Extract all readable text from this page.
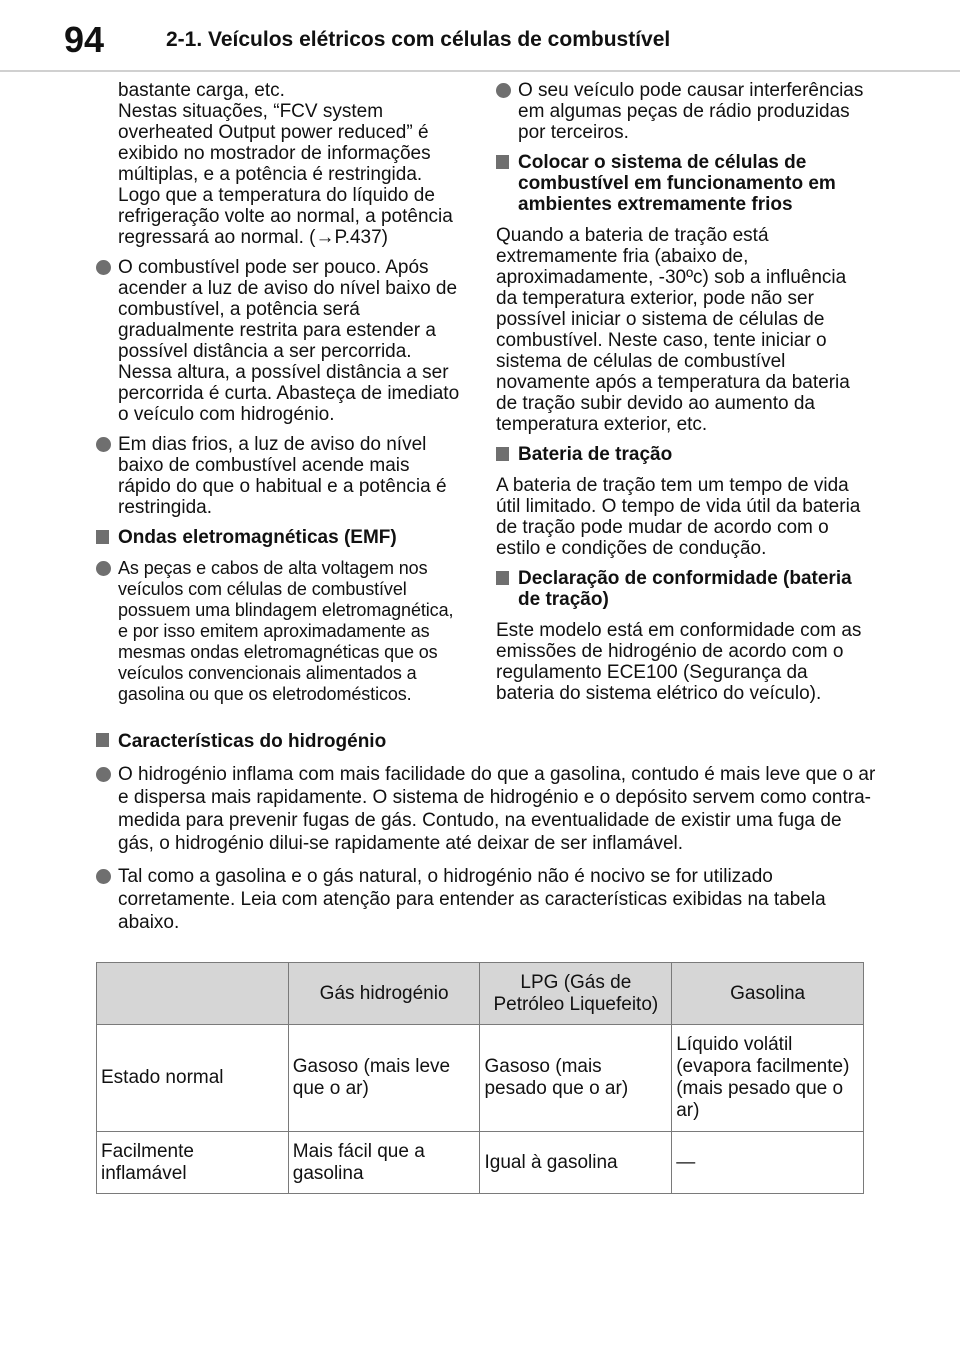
94	2-1. Veículos elétricos com células de combustível
bastante carga, etc.
Nestas situações, “FCV system overheated Output power reduced” é exibido no mostrador de informações múltiplas, e a potência é restringida. Logo que a temperatura do líquido de refrigeração volte ao normal, a potência regressará ao normal. (→P.437)
O combustível pode ser pouco. Após acender a luz de aviso do nível baixo de combustível, a potência será gradualmente restrita para estender a possível distância a ser percorrida. Nessa altura, a possível distância a ser percorrida é curta. Abasteça de imediato o veículo com hidrogénio.
Em dias frios, a luz de aviso do nível baixo de combustível acende mais rápido do que o habitual e a potência é restringida.
Ondas eletromagnéticas (EMF)
As peças e cabos de alta voltagem nos veículos com células de combustível possuem uma blindagem eletromagnética, e por isso emitem aproximadamente as mesmas ondas eletromagnéticas que os veículos convencionais alimentados a gasolina ou que os eletrodomésticos.
O seu veículo pode causar interferências em algumas peças de rádio produzidas por terceiros.
Colocar o sistema de células de combustível em funcionamento em ambientes extremamente frios
Quando a bateria de tração está extremamente fria (abaixo de, aproximadamente, -30ºc) sob a influência da temperatura exterior, pode não ser possível iniciar o sistema de células de combustível. Neste caso, tente iniciar o sistema de células de combustível novamente após a temperatura da bateria de tração subir devido ao aumento da temperatura exterior, etc.
Bateria de tração
A bateria de tração tem um tempo de vida útil limitado. O tempo de vida útil da bateria de tração pode mudar de acordo com o estilo e condições de condução.
Declaração de conformidade (bateria de tração)
Este modelo está em conformidade com as emissões de hidrogénio de acordo com o regulamento ECE100 (Segurança da bateria do sistema elétrico do veículo).
Características do hidrogénio
O hidrogénio inflama com mais facilidade do que a gasolina, contudo é mais leve que o ar e dispersa mais rapidamente. O sistema de hidrogénio e o depósito servem como contra-medida para prevenir fugas de gás. Contudo, na eventualidade de existir uma fuga de gás, o hidrogénio dilui-se rapidamente até deixar de ser inflamável.
Tal como a gasolina e o gás natural, o hidrogénio não é nocivo se for utilizado corretamente. Leia com atenção para entender as características exibidas na tabela abaixo.
	Gás hidrogénio	LPG (Gás de Petróleo Liquefeito)	Gasolina
Estado normal	Gasoso (mais leve que o ar)	Gasoso (mais pesado que o ar)	Líquido volátil (evapora facilmente) (mais pesado que o ar)
Facilmente inflamável	Mais fácil que a gasolina	Igual à gasolina	—
